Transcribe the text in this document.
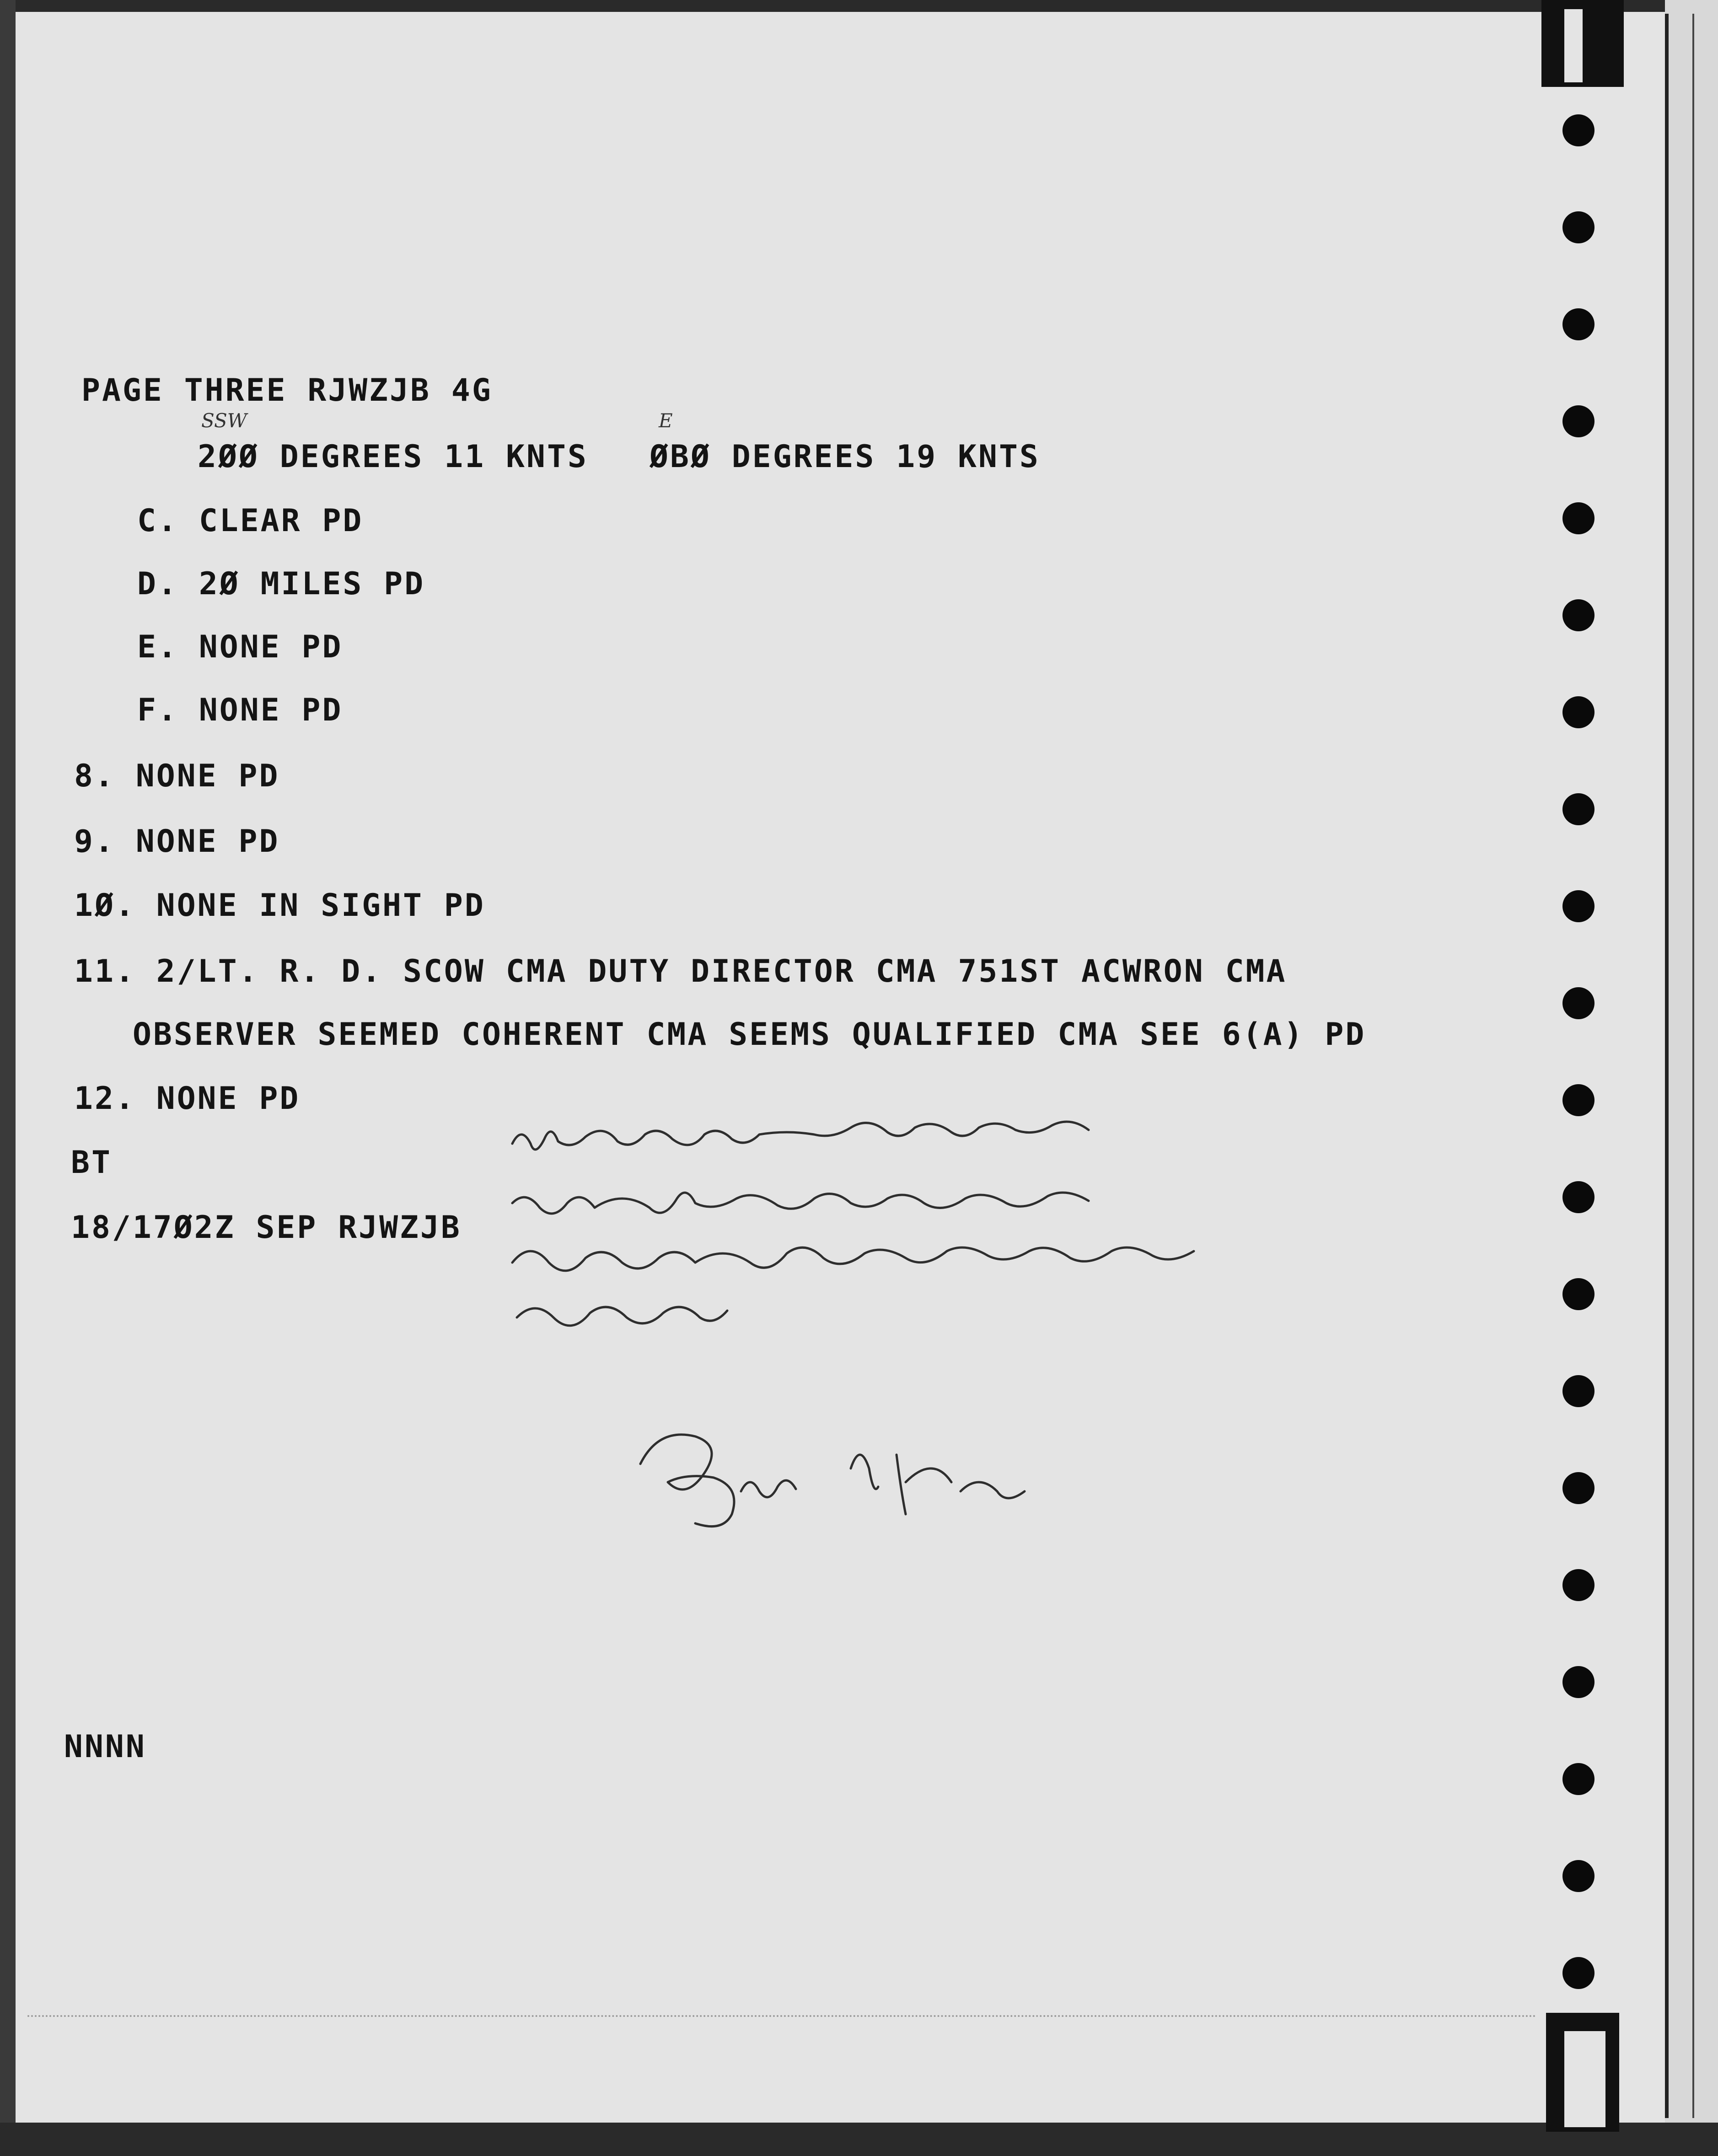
PAGE THREE RJWZJB 4G
SSW	E
2ØØ DEGREES 11 KNTS ØBØ DEGREES 19 KNTS
C. CLEAR PD
D. 2Ø MILES PD
E. NONE PD
F. NONE PD
8. NONE PD
9. NONE PD
1Ø. NONE IN SIGHT PD
11. 2/LT. R. D. SCOW CMA DUTY DIRECTOR CMA 751ST ACWRON CMA
OBSERVER SEEMED COHERENT CMA SEEMS QUALIFIED CMA SEE 6(A) PD
12. NONE PD
BT
18/17Ø2Z SEP RJWZJB
NNNN
